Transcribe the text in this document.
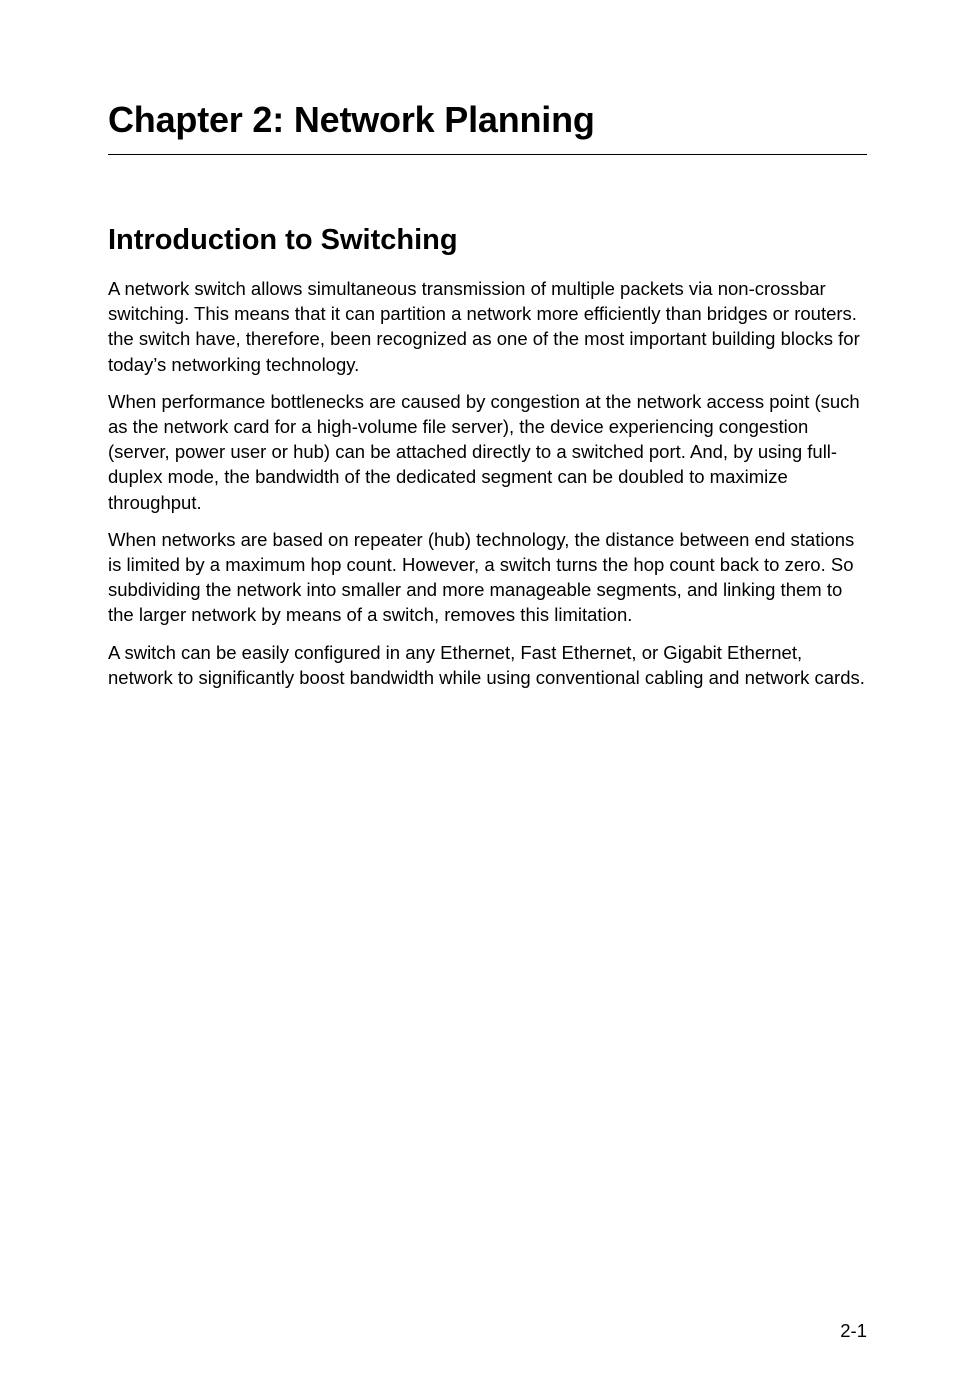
Chapter 2: Network Planning
Introduction to Switching

A network switch allows simultaneous transmission of multiple packets via non-crossbar switching. This means that it can partition a network more efficiently than bridges or routers. the switch have, therefore, been recognized as one of the most important building blocks for today’s networking technology.

When performance bottlenecks are caused by congestion at the network access point (such as the network card for a high-volume file server), the device experiencing congestion (server, power user or hub) can be attached directly to a switched port. And, by using full-duplex mode, the bandwidth of the dedicated segment can be doubled to maximize throughput.

When networks are based on repeater (hub) technology, the distance between end stations is limited by a maximum hop count. However, a switch turns the hop count back to zero. So subdividing the network into smaller and more manageable segments, and linking them to the larger network by means of a switch, removes this limitation.

A switch can be easily configured in any Ethernet, Fast Ethernet, or Gigabit Ethernet, network to significantly boost bandwidth while using conventional cabling and network cards.

2-1
